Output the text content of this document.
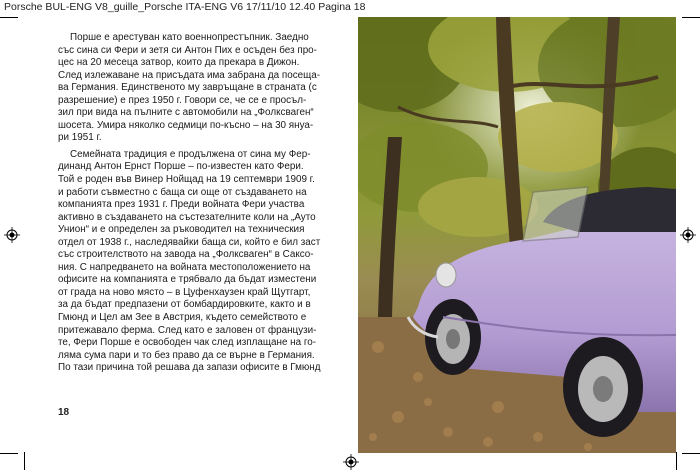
Porsche BUL-ENG V8_guille_Porsche ITA-ENG V6 17/11/10 12.40 Pagina 18
Порше е арестуван като военнопрестъпник. Заедно
със сина си Фери и зетя си Антон Пих е осъден без про-
цес на 20 месеца затвор, които да прекара в Дижон.
След излежаване на присъдата има забрана да посеща-
ва Германия. Единственото му завръщане в страната (с
разрешение) е през 1950 г. Говори се, че се е просъл-
зил при вида на пълните с автомобили на „Фолксваген“
шосета. Умира няколко седмици по-късно – на 30 януа-
ри 1951 г.
Семейната традиция е продължена от сина му Фер-
динанд Антон Ернст Порше – по-известен като Фери.
Той е роден във Винер Нойщад на 19 септември 1909 г.
и работи съвместно с баща си още от създаването на
компанията през 1931 г. Преди войната Фери участва
активно в създаването на състезателните коли на „Ауто
Унион“ и е определен за ръководител на техническия
отдел от 1938 г., наследявайки баща си, който е бил заст
със строителството на завода на „Фолксваген“ в Саксо-
ния. С напредването на войната местоположението на
офисите на компанията е трябвало да бъдат изместени
от града на ново място – в Цуфенхаузен край Щутгарт,
за да бъдат предпазени от бомбардировките, както и в
Гмюнд и Цел ам Зее в Австрия, където семейството е
притежавало ферма. След като е заловен от французи-
те, Фери Порше е освободен чак след изплащане на го-
ляма сума пари и то без право да се върне в Германия.
По тази причина той решава да запази офисите в Гмюнд
18
